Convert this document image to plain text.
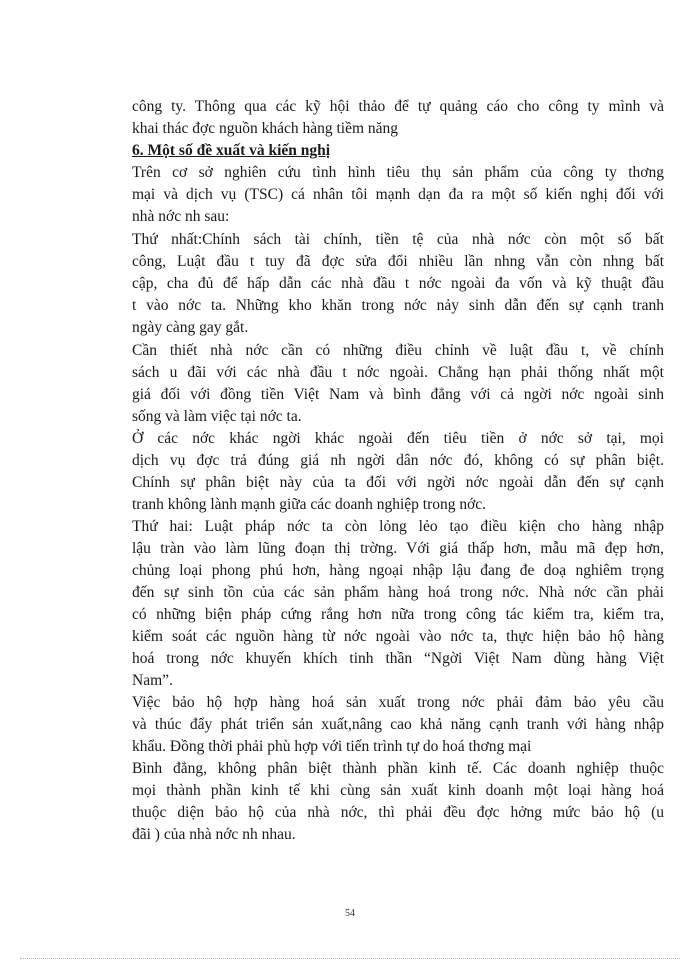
công ty. Thông qua các kỹ hội thảo để tự quảng cáo cho công ty mình và
khai thác đợc nguồn khách hàng tiềm năng
6. Một số đề xuất và kiến nghị
Trên cơ sở nghiên cứu tình hình tiêu thụ sản phẩm của công ty thơng
mại và dịch vụ (TSC) cá nhân tôi mạnh dạn đa ra một số kiến nghị đối với
nhà nớc nh sau:
Thứ nhất:Chính sách tài chính, tiền tệ của nhà nớc còn một số bất
công, Luật đầu t tuy đã đợc sửa đổi nhiều lần nhng vẫn còn nhng bất
cập, cha đủ để hấp dẫn các nhà đầu t nớc ngoài đa vốn và kỹ thuật đầu
t vào nớc ta. Những kho khăn trong nớc nảy sinh dẫn đến sự cạnh tranh
ngày càng gay gắt.
Cần thiết nhà nớc cần có những điều chỉnh về luật đầu t, về chính
sách u đãi với các nhà đầu t nớc ngoài. Chẳng hạn phải thống nhất một
giá đối với đồng tiền Việt Nam và bình đẳng với cả ngời nớc ngoài sinh
sống và làm việc tại nớc ta.
Ở các nớc khác ngời khác ngoài đến tiêu tiền ở nớc sở tại, mọi
dịch vụ đợc trả đúng giá nh ngời dân nớc đó, không có sự phân biệt.
Chính sự phân biệt này của ta đối với ngời nớc ngoài dẫn đến sự cạnh
tranh không lành mạnh giữa các doanh nghiệp trong nớc.
Thứ hai: Luật pháp nớc ta còn lỏng lẻo tạo điều kiện cho hàng nhập
lậu tràn vào làm lũng đoạn thị trờng. Với giá thấp hơn, mẫu mã đẹp hơn,
chủng loại phong phú hơn, hàng ngoại nhập lậu đang đe doạ nghiêm trọng
đến sự sinh tồn của các sản phẩm hàng hoá trong nớc. Nhà nớc cần phải
có những biện pháp cứng rắng hơn nữa trong công tác kiểm tra, kiểm tra,
kiểm soát các nguồn hàng từ nớc ngoài vào nớc ta, thực hiện bảo hộ hàng
hoá trong nớc khuyến khích tinh thần “Ngời Việt Nam dùng hàng Việt
Nam”.
Việc bảo hộ hợp hàng hoá sản xuất trong nớc phải đảm bảo yêu cầu
và thúc đẩy phát triển sản xuất,nâng cao khả năng cạnh tranh với hàng nhập
khẩu. Đồng thời phải phù hợp với tiến trình tự do hoá thơng mại
Bình đẳng, không phân biệt thành phần kinh tế. Các doanh nghiệp thuộc
mọi thành phần kinh tế khi cùng sản xuất kinh doanh một loại hàng hoá
thuộc diện bảo hộ của nhà nớc, thì phải đều đợc hởng mức bảo hộ (u
đãi ) của nhà nớc nh nhau.
54
